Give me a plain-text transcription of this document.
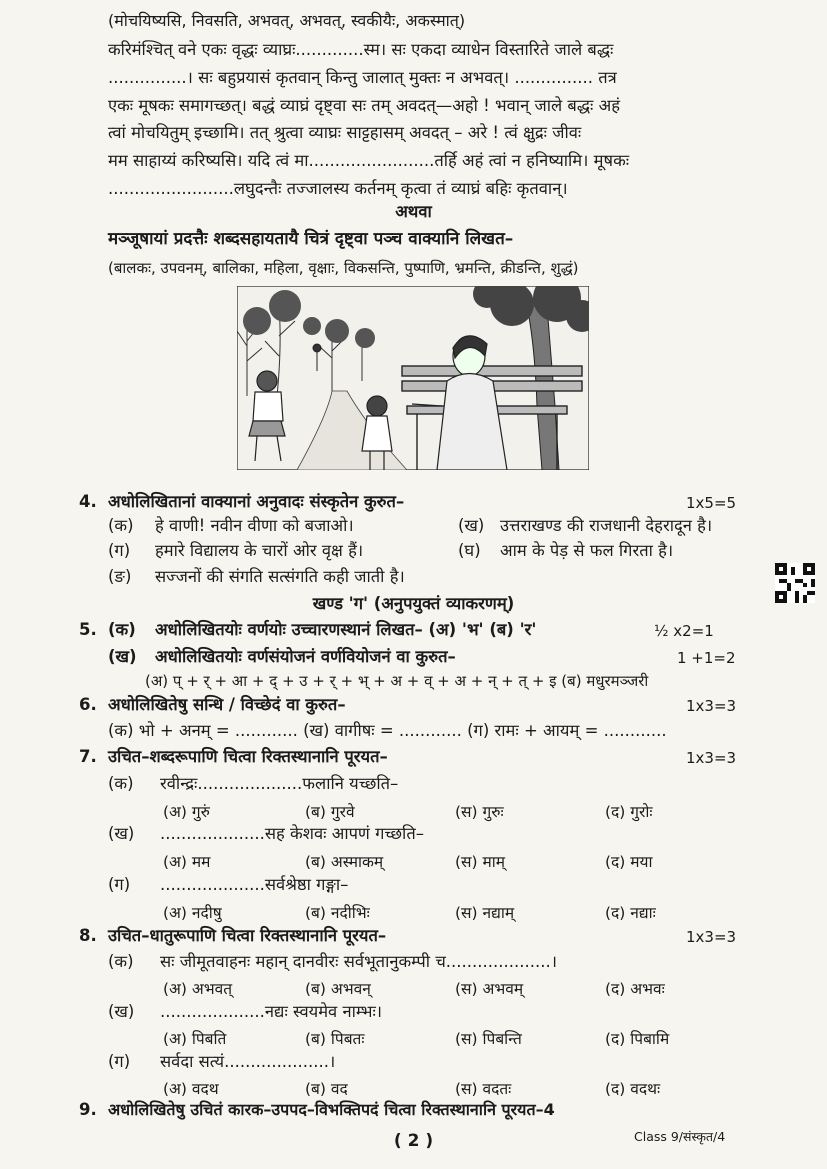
(मोचयिष्यसि, निवसति, अभवत्, अभवत्, स्वकीयैः, अकस्मात्)
करिमंश्चित् वने एकः वृद्धः व्याघ्रः.............स्म। सः एकदा व्याधेन विस्तारिते जाले बद्धः
...............। सः बहुप्रयासं कृतवान् किन्तु जालात् मुक्तः न अभवत्। ............... तत्र
एकः मूषकः समागच्छत्। बद्धं व्याघ्रं दृष्ट्वा सः तम् अवदत्—अहो ! भवान् जाले बद्धः अहं
त्वां मोचयितुम् इच्छामि। तत् श्रुत्वा व्याघ्रः साट्टहासम् अवदत् – अरे ! त्वं क्षुद्रः जीवः
मम साहाय्यं करिष्यसि। यदि त्वं मा........................तर्हि अहं त्वां न हनिष्यामि। मूषकः
........................लघुदन्तैः तज्जालस्य कर्तनम् कृत्वा तं व्याघ्रं बहिः कृतवान्।
अथवा
मञ्जूषायां प्रदत्तैः शब्दसहायतायै चित्रं दृष्ट्वा पञ्च वाक्यानि लिखत–
(बालकः, उपवनम्, बालिका, महिला, वृक्षाः, विकसन्ति, पुष्पाणि, भ्रमन्ति, क्रीडन्ति, शुद्धं)
4. अधोलिखितानां वाक्यानां अनुवादः संस्कृतेन कुरुत–	1x5=5
(क) हे वाणी! नवीन वीणा को बजाओ।	(ख) उत्तराखण्ड की राजधानी देहरादून है।
(ग) हमारे विद्यालय के चारों ओर वृक्ष हैं।	(घ) आम के पेड़ से फल गिरता है।
(ङ) सज्जनों की संगति सत्संगति कही जाती है।
खण्ड 'ग' (अनुपयुक्तं व्याकरणम्)
5. (क) अधोलिखितयोः वर्णयोः उच्चारणस्थानं लिखत– (अ) 'भ' (ब) 'र'	½ x2=1
(ख) अधोलिखितयोः वर्णसंयोजनं वर्णवियोजनं वा कुरुत–	1 +1=2
(अ) प् + र् + आ + द् + उ + र् + भ् + अ + व् + अ + न् + त् + इ (ब) मधुरमञ्जरी
6. अधोलिखितेषु सन्धि / विच्छेदं वा कुरुत–	1x3=3
(क) भो + अनम् = ............ (ख) वागीषः = ............ (ग) रामः + आयम् = ............
7. उचित–शब्दरूपाणि चित्वा रिक्तस्थानानि पूरयत–	1x3=3
(क) रवीन्द्रः....................फलानि यच्छति–
(अ) गुरुं	(ब) गुरवे	(स) गुरुः	(द) गुरोः
(ख) ....................सह केशवः आपणं गच्छति–
(अ) मम	(ब) अस्माकम्	(स) माम्	(द) मया
(ग) ....................सर्वश्रेष्ठा गङ्गा–
(अ) नदीषु	(ब) नदीभिः	(स) नद्याम्	(द) नद्याः
8. उचित–धातुरूपाणि चित्वा रिक्तस्थानानि पूरयत–	1x3=3
(क) सः जीमूतवाहनः महान् दानवीरः सर्वभूतानुकम्पी च....................।
(अ) अभवत्	(ब) अभवन्	(स) अभवम्	(द) अभवः
(ख) ....................नद्यः स्वयमेव नाम्भः।
(अ) पिबति	(ब) पिबतः	(स) पिबन्ति	(द) पिबामि
(ग) सर्वदा सत्यं....................।
(अ) वदथ	(ब) वद	(स) वदतः	(द) वदथः
9. अधोलिखितेषु उचितं कारक–उपपद–विभक्तिपदं चित्वा रिक्तस्थानानि पूरयत–4
( 2 )	Class 9/संस्कृत/4
